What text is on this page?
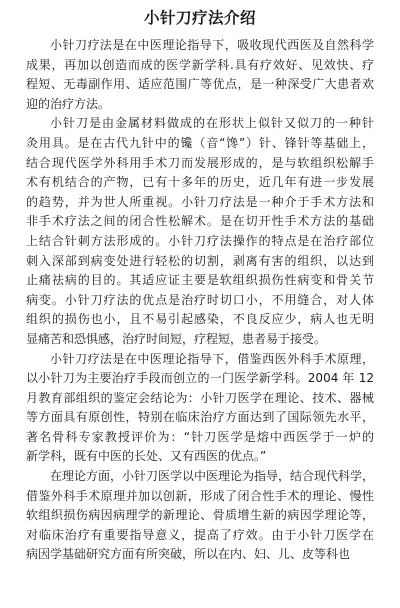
小针刀疗法介绍
小针刀疗法是在中医理论指导下，吸收现代西医及自然科学
成果，再加以创造而成的医学新学科.具有疗效好、见效快、疗
程短、无毒副作用、适应范围广等优点，是一种深受广大患者欢
迎的治疗方法。
小针刀是由金属材料做成的在形状上似针又似刀的一种针
灸用具。是在古代九针中的镵（音“馋”）针、锋针等基础上，
结合现代医学外科用手术刀而发展形成的，是与软组织松解手
术有机结合的产物，已有十多年的历史，近几年有进一步发展
的趋势，并为世人所重视。小针刀疗法是一种介于手术方法和
非手术疗法之间的闭合性松解术。是在切开性手术方法的基础
上结合针刺方法形成的。小针刀疗法操作的特点是在治疗部位
刺入深部到病变处进行轻松的切割，剥离有害的组织，以达到
止痛祛病的目的。其适应证主要是软组织损伤性病变和骨关节
病变。小针刀疗法的优点是治疗时切口小，不用缝合，对人体
组织的损伤也小，且不易引起感染，不良反应少，病人也无明
显痛苦和恐惧感，治疗时间短，疗程短，患者易于接受。
小针刀疗法是在中医理论指导下，借鉴西医外科手术原理，
以小针刀为主要治疗手段而创立的一门医学新学科。2004 年 12
月教育部组织的鉴定会结论为：小针刀医学在理论、技术、器械
等方面具有原创性，特别在临床治疗方面达到了国际领先水平，
著名骨科专家教授评价为：“针刀医学是熔中西医学于一炉的
新学科，既有中医的长处、又有西医的优点。”
在理论方面，小针刀医学以中医理论为指导，结合现代科学，
借鉴外科手术原理并加以创新，形成了闭合性手术的理论、慢性
软组织损伤病因病理学的新理论、骨质增生新的病因学理论等，
对临床治疗有重要指导意义，提高了疗效。由于小针刀医学在
病因学基础研究方面有所突破，所以在内、妇、儿、皮等科也
